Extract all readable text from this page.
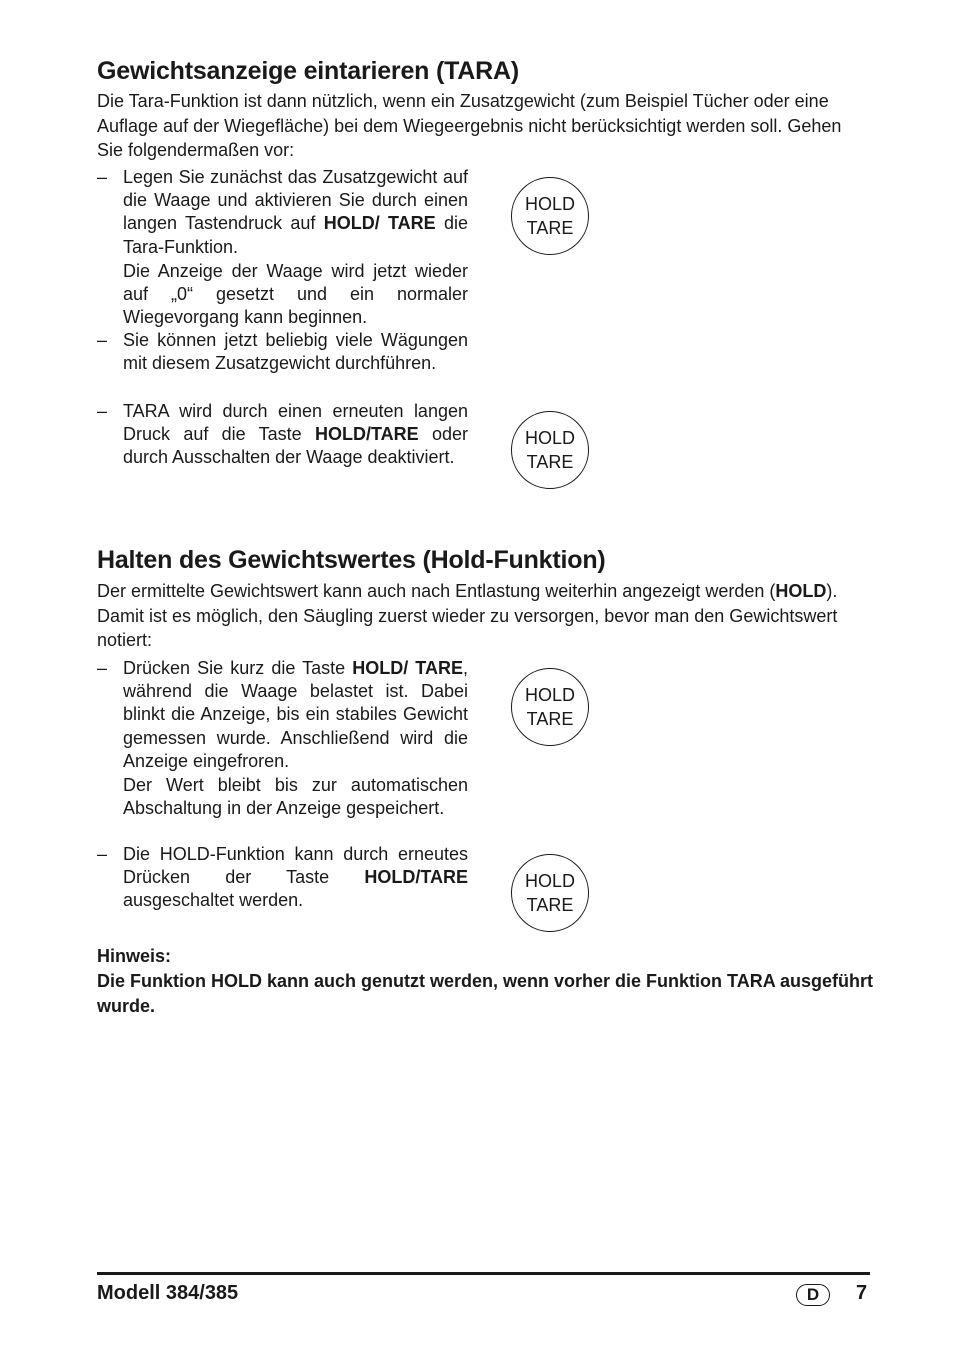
Gewichtsanzeige eintarieren (TARA)

Die Tara-Funktion ist dann nützlich, wenn ein Zusatzgewicht (zum Beispiel Tücher oder eine Auflage auf der Wiegefläche) bei dem Wiegeergebnis nicht berücksichtigt werden soll. Gehen Sie folgendermaßen vor:

– Legen Sie zunächst das Zusatzgewicht auf die Waage und aktivieren Sie durch einen langen Tastendruck auf HOLD/ TARE die Tara-Funktion.

Die Anzeige der Waage wird jetzt wieder auf „0“ gesetzt und ein normaler Wiegevorgang kann beginnen.

– Sie können jetzt beliebig viele Wägungen mit diesem Zusatzgewicht durchführen.

– TARA wird durch einen erneuten langen Druck auf die Taste HOLD/TARE oder durch Ausschalten der Waage deaktiviert.

HOLD
TARE
HOLD
TARE
Halten des Gewichtswertes (Hold-Funktion)

Der ermittelte Gewichtswert kann auch nach Entlastung weiterhin angezeigt werden (HOLD). Damit ist es möglich, den Säugling zuerst wieder zu versorgen, bevor man den Gewichtswert notiert:

– Drücken Sie kurz die Taste HOLD/ TARE, während die Waage belastet ist. Dabei blinkt die Anzeige, bis ein stabiles Gewicht gemessen wurde. Anschließend wird die Anzeige eingefroren.

Der Wert bleibt bis zur automatischen Abschaltung in der Anzeige gespeichert.

– Die HOLD-Funktion kann durch erneutes Drücken der Taste HOLD/TARE ausgeschaltet werden.

HOLD
TARE
HOLD
TARE
Hinweis:
Die Funktion HOLD kann auch genutzt werden, wenn vorher die Funktion TARA ausgeführt wurde.
Modell 384/385	D	7
